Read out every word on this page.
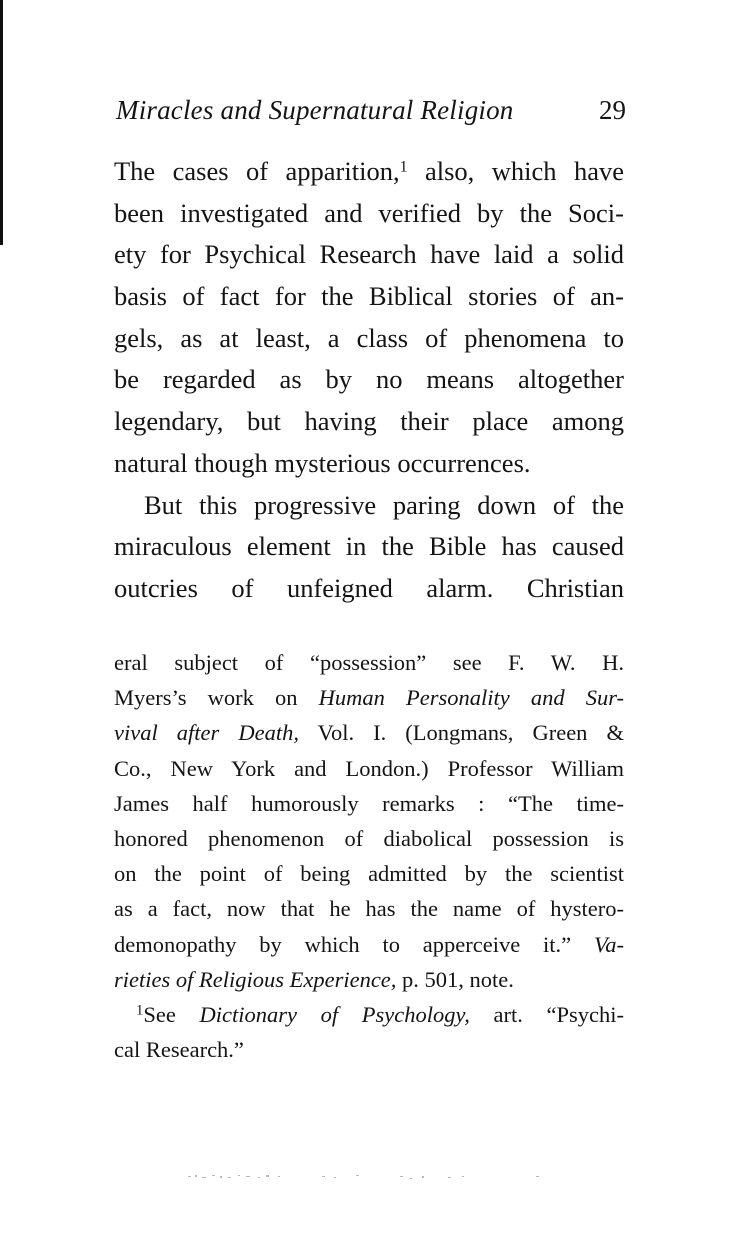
Miracles and Supernatural Religion	29
The cases of apparition,$^1$ also, which have
been investigated and verified by the Soci-
ety for Psychical Research have laid a solid
basis of fact for the Biblical stories of an-
gels, as at least, a class of phenomena to
be regarded as by no means altogether
legendary, but having their place among
natural though mysterious occurrences.
But this progressive paring down of the
miraculous element in the Bible has caused
outcries of unfeigned alarm. Christian
eral subject of “possession” see F. W. H.
Myers’s work on Human Personality and Sur-
vival after Death, Vol. I. (Longmans, Green &
Co., New York and London.) Professor William
James half humorously remarks : “The time-
honored phenomenon of diabolical possession is
on the point of being admitted by the scientist
as a fact, now that he has the name of hystero-
demonopathy by which to apperceive it.” Va-
rieties of Religious Experience, p. 501, note.
$^1$See Dictionary of Psychology, art. “Psychi-
cal Research.”
